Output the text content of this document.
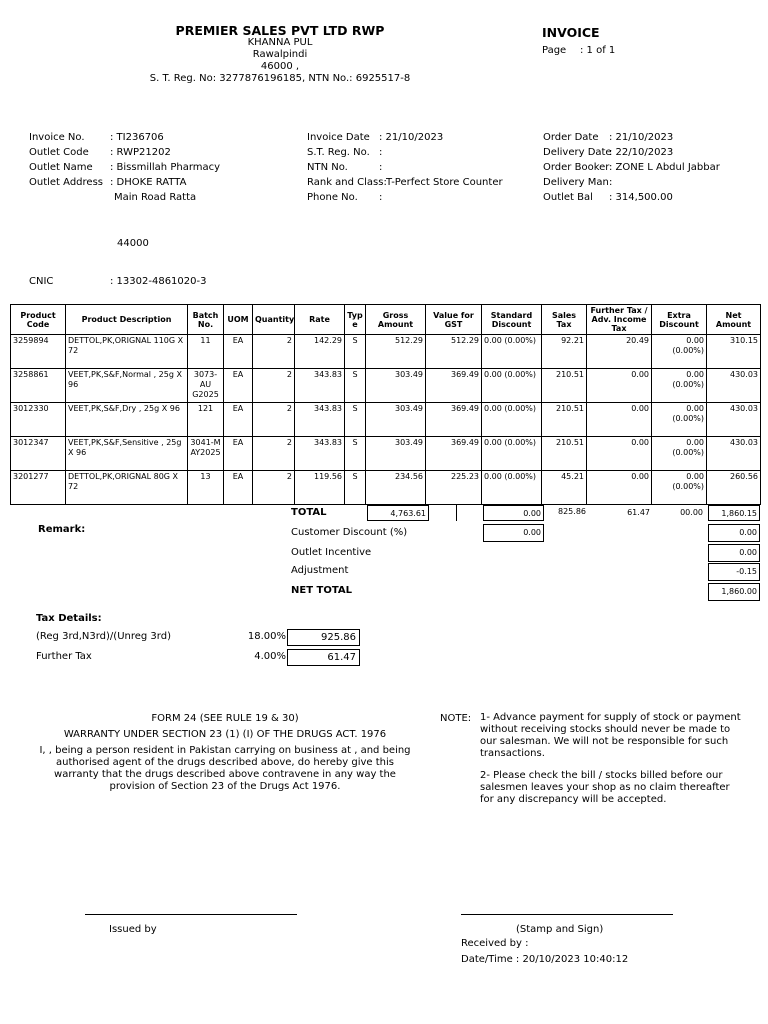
PREMIER SALES PVT LTD RWP
KHANNA PUL
Rawalpindi
46000 ,
S. T. Reg. No: 3277876196185, NTN No.: 6925517-8
INVOICE
Page : 1 of 1
Invoice No.	: TI236706
Outlet Code : RWP21202
Outlet Name : Bissmillah Pharmacy
Outlet Address : DHOKE RATTA
Main Road Ratta
44000
CNIC	: 13302-4861020-3
Invoice Date : 21/10/2023
S.T. Reg. No. :
NTN No.	:
Rank and Class:T-Perfect Store Counter
Phone No. :
Order Date : 21/10/2023
Delivery Date: 22/10/2023
Order Booker: ZONE L Abdul Jabbar
Delivery Man:
Outlet Bal : 314,500.00
Product Code	Product Description	Batch No.	UOM	Quantity	Rate	Typ e	Gross Amount	Value for GST	Standard Discount	Sales Tax	Further Tax / Adv. Income Tax	Extra Discount	Net Amount
3259894	DETTOL,PK,ORIGNAL 110G X 72	11	EA	2	142.29	S	512.29	512.29	0.00 (0.00%)	92.21	20.49	0.00 (0.00%)	310.15
3258861	VEET,PK,S&F,Normal , 25g X 96	3073-AU G2025	EA	2	343.83	S	303.49	369.49	0.00 (0.00%)	210.51	0.00	0.00 (0.00%)	430.03
3012330	VEET,PK,S&F,Dry , 25g X 96	121	EA	2	343.83	S	303.49	369.49	0.00 (0.00%)	210.51	0.00	0.00 (0.00%)	430.03
3012347	VEET,PK,S&F,Sensitive , 25g X 96	3041-M AY2025	EA	2	343.83	S	303.49	369.49	0.00 (0.00%)	210.51	0.00	0.00 (0.00%)	430.03
3201277	DETTOL,PK,ORIGNAL 80G X 72	13	EA	2	119.56	S	234.56	225.23	0.00 (0.00%)	45.21	0.00	0.00 (0.00%)	260.56
TOTAL	4,763.61	0.00	825.86	61.47	00.00	1,860.15
Remark:	Customer Discount (%)	0.00	0.00
Outlet Incentive	0.00
Adjustment	-0.15
NET TOTAL	1,860.00
Tax Details:
(Reg 3rd,N3rd)/(Unreg 3rd)	18.00%	925.86
Further Tax	4.00%	61.47
FORM 24 (SEE RULE 19 & 30)
WARRANTY UNDER SECTION 23 (1) (I) OF THE DRUGS ACT. 1976
I, , being a person resident in Pakistan carrying on business at , and being authorised agent of the drugs described above, do hereby give this warranty that the drugs described above contravene in any way the provision of Section 23 of the Drugs Act 1976.
NOTE: 1- Advance payment for supply of stock or payment without receiving stocks should never be made to our salesman. We will not be responsible for such transactions.
2- Please check the bill / stocks billed before our salesmen leaves your shop as no claim thereafter for any discrepancy will be accepted.
Issued by	(Stamp and Sign)
Received by :
Date/Time : 20/10/2023 10:40:12
